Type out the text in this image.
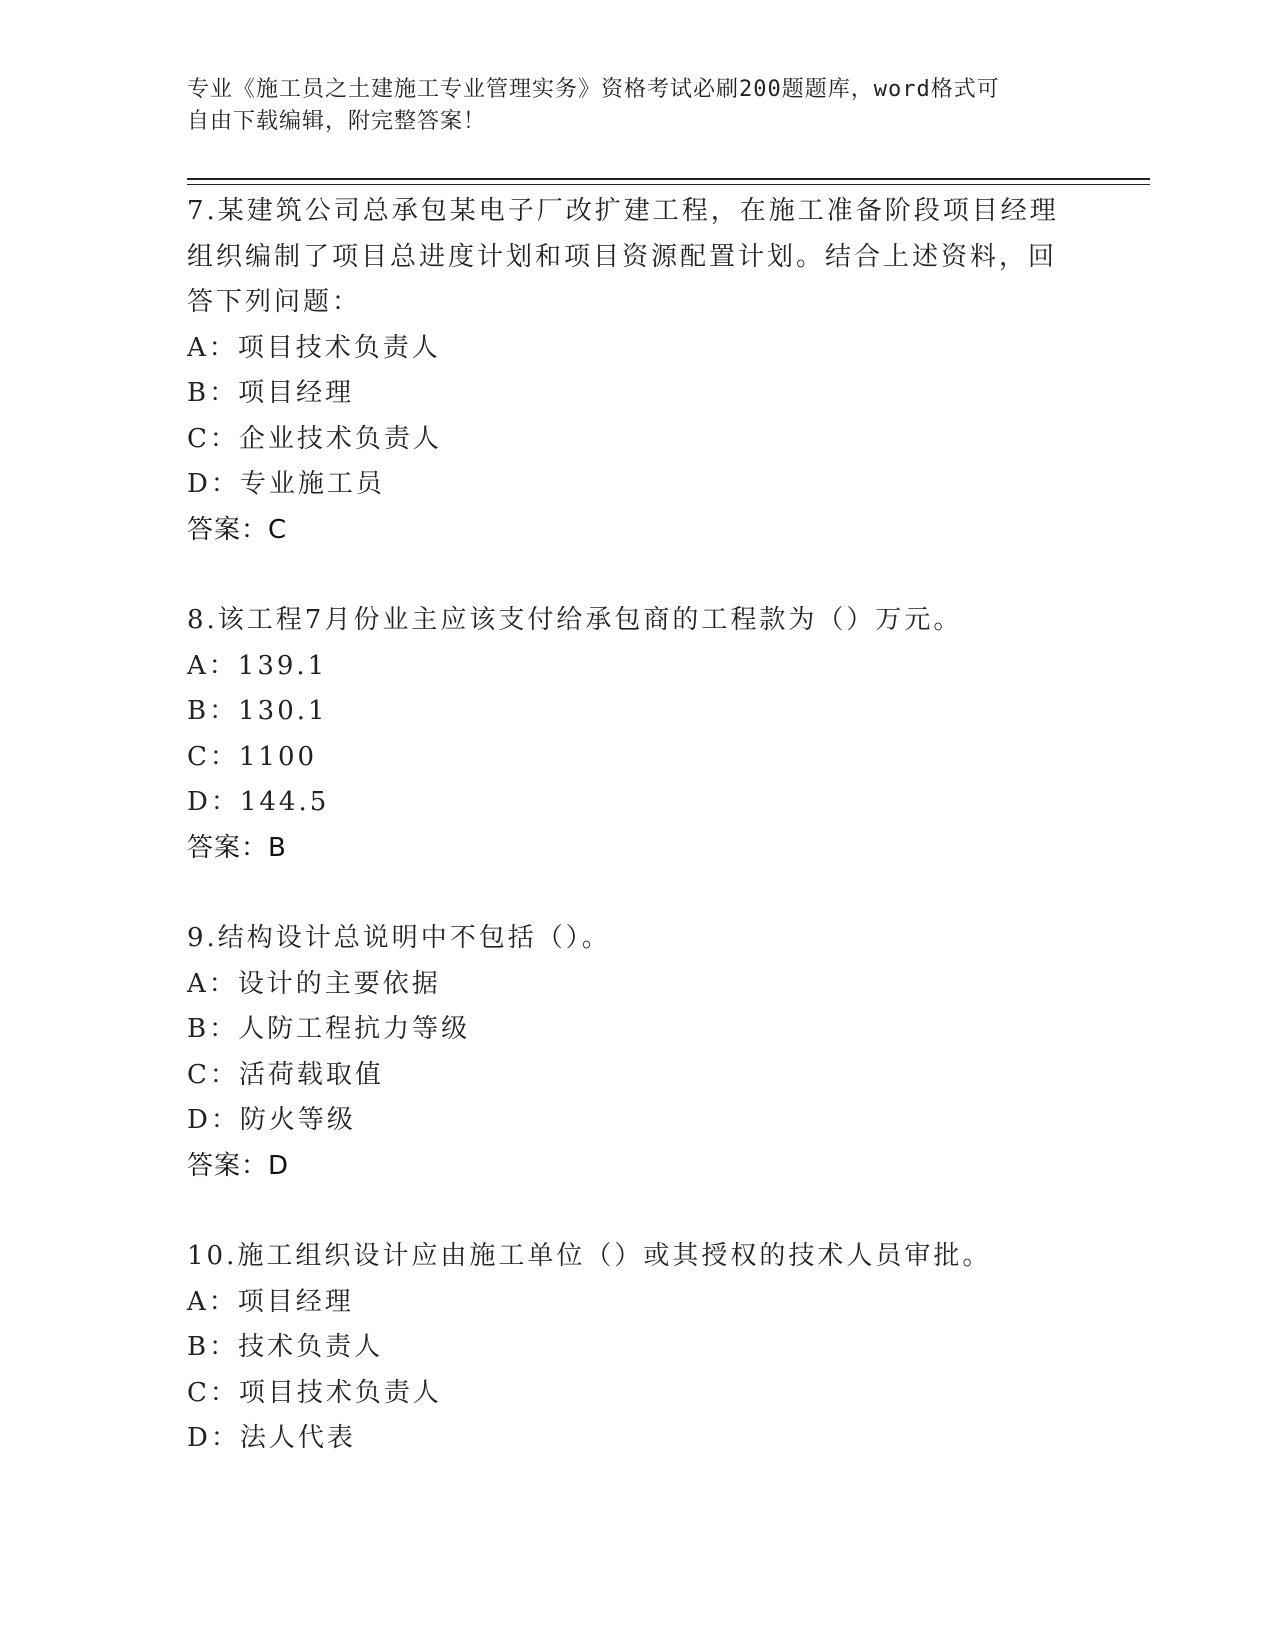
专业《施工员之土建施工专业管理实务》资格考试必刷200题题库，word格式可
自由下载编辑，附完整答案！
7.某建筑公司总承包某电子厂改扩建工程，在施工准备阶段项目经理
组织编制了项目总进度计划和项目资源配置计划。结合上述资料，回
答下列问题：
A：项目技术负责人
B：项目经理
C：企业技术负责人
D：专业施工员
答案：C
8.该工程7月份业主应该支付给承包商的工程款为（）万元。
A：139.1
B：130.1
C：1100
D：144.5
答案：B
9.结构设计总说明中不包括（）。
A：设计的主要依据
B：人防工程抗力等级
C：活荷载取值
D：防火等级
答案：D
10.施工组织设计应由施工单位（）或其授权的技术人员审批。
A：项目经理
B：技术负责人
C：项目技术负责人
D：法人代表
